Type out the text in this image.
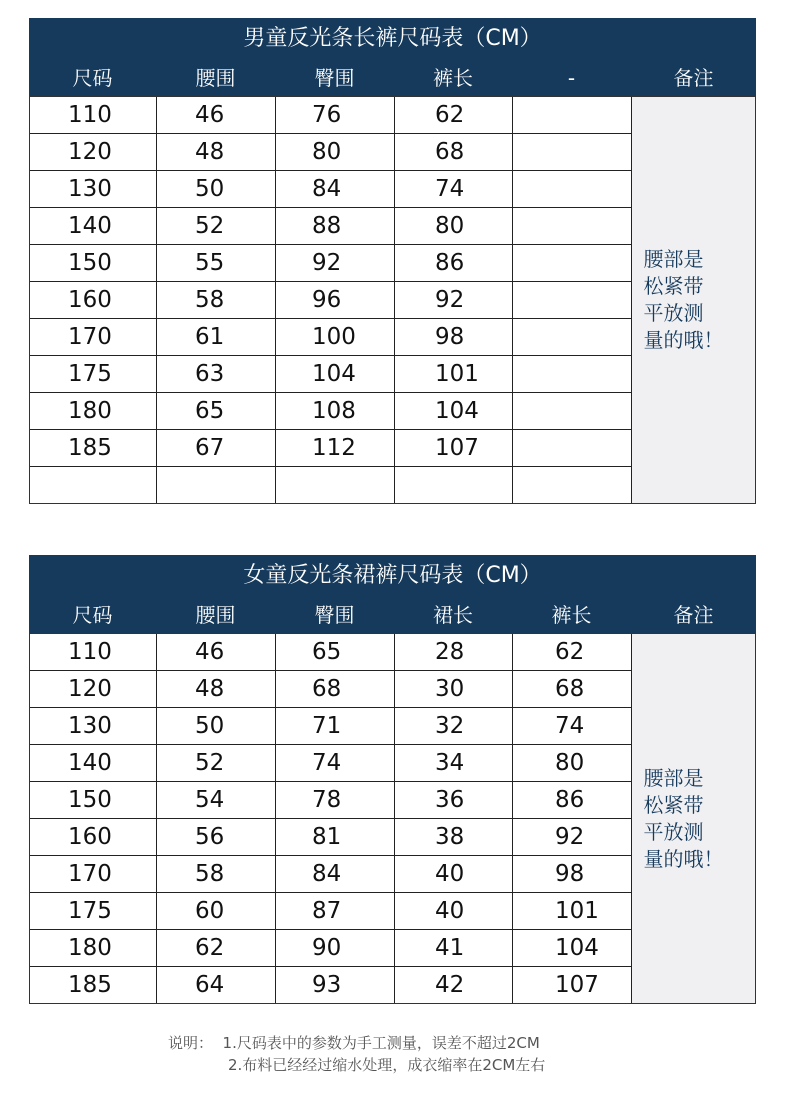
男童反光条长裤尺码表（CM）
尺码	腰围	臀围	裤长	-	备注
110	46	76	62
120	48	80	68
130	50	84	74
140	52	88	80
150	55	92	86
160	58	96	92
170	61	100	98
175	63	104	101
180	65	108	104
185	67	112	107

腰部是
松紧带
平放测
量的哦！

女童反光条裙裤尺码表（CM）
尺码	腰围	臀围	裙长	裤长	备注
110	46	65	28	62
120	48	68	30	68
130	50	71	32	74
140	52	74	34	80
150	54	78	36	86
160	56	81	38	92
170	58	84	40	98
175	60	87	40	101
180	62	90	41	104
185	64	93	42	107

腰部是
松紧带
平放测
量的哦！

说明：  1.尺码表中的参数为手工测量，误差不超过2CM
2.布料已经经过缩水处理，成衣缩率在2CM左右
